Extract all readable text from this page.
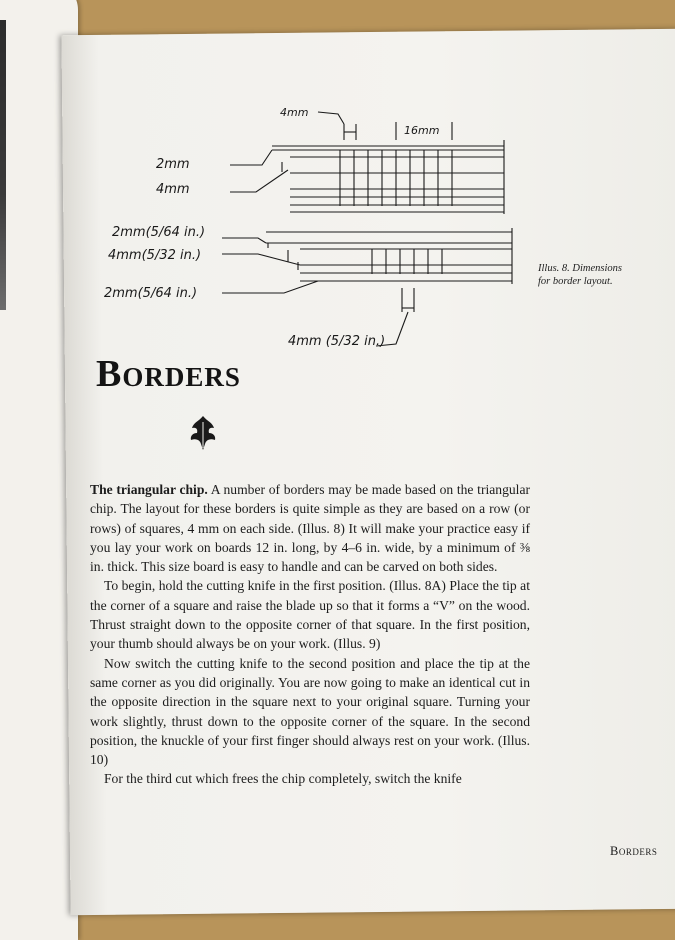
4mm
16mm
2mm
4mm
2mm(5/64 in.)
4mm(5/32 in.)
2mm(5/64 in.)
4mm (5/32 in.)
Illus. 8. Dimensions
for border layout.
Borders

The triangular chip. A number of borders may be made based on the triangular chip. The layout for these borders is quite simple as they are based on a row (or rows) of squares, 4 mm on each side. (Illus. 8) It will make your practice easy if you lay your work on boards 12 in. long, by 4–6 in. wide, by a minimum of ⅜ in. thick. This size board is easy to handle and can be carved on both sides.

To begin, hold the cutting knife in the first position. (Illus. 8A) Place the tip at the corner of a square and raise the blade up so that it forms a “V” on the wood. Thrust straight down to the opposite corner of that square. In the first position, your thumb should always be on your work. (Illus. 9)

Now switch the cutting knife to the second position and place the tip at the same corner as you did originally. You are now going to make an identical cut in the opposite direction in the square next to your original square. Turning your work slightly, thrust down to the opposite corner of the square. In the second position, the knuckle of your first finger should always rest on your work. (Illus. 10)

For the third cut which frees the chip completely, switch the knife

Borders
